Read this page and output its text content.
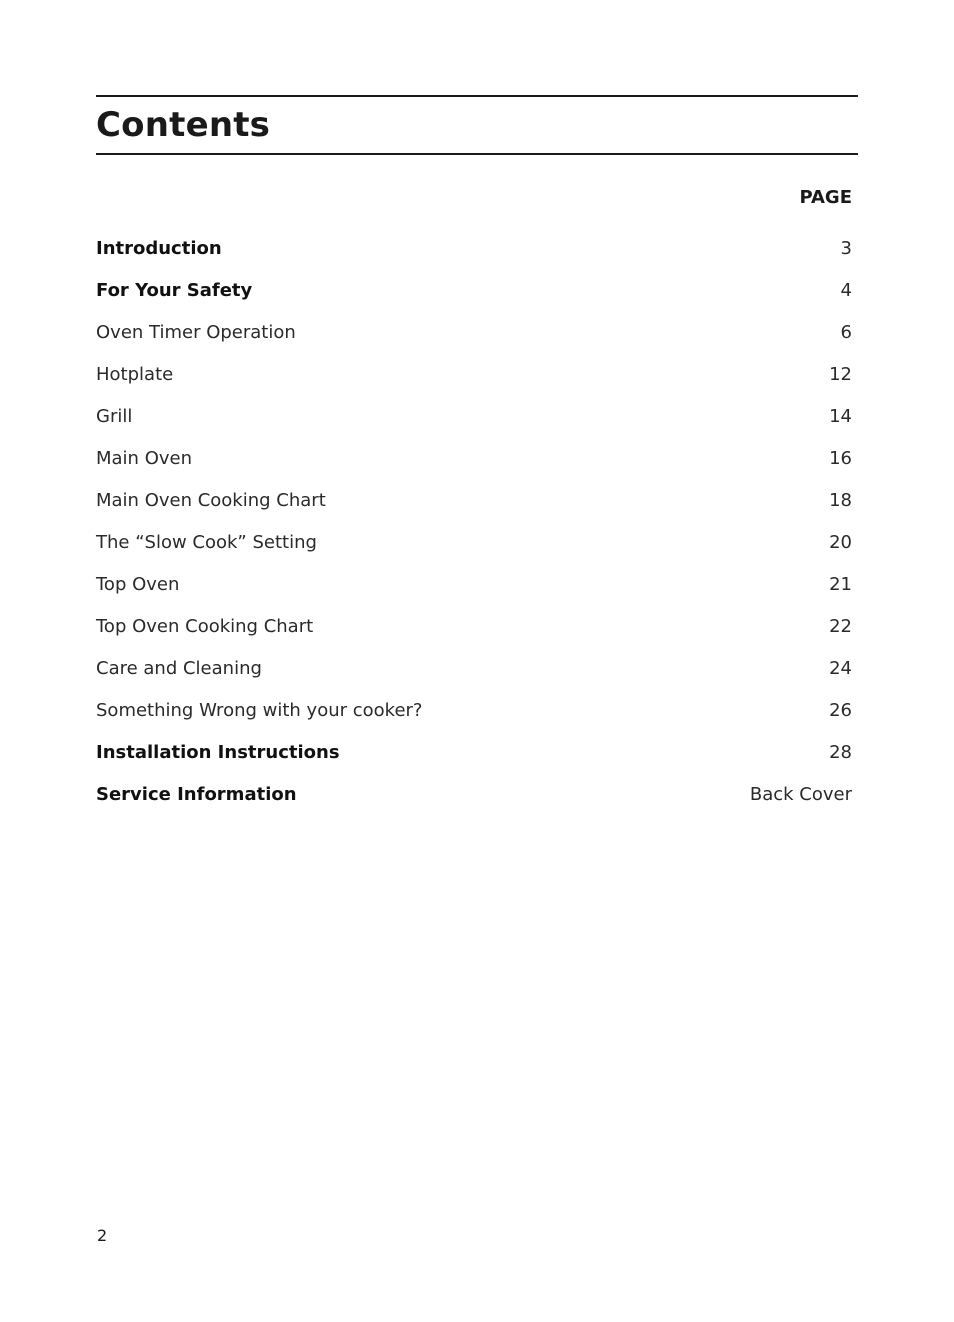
Contents
PAGE
Introduction	3
For Your Safety	4
Oven Timer Operation	6
Hotplate	12
Grill	14
Main Oven	16
Main Oven Cooking Chart	18
The “Slow Cook” Setting	20
Top Oven	21
Top Oven Cooking Chart	22
Care and Cleaning	24
Something Wrong with your cooker?	26
Installation Instructions	28
Service Information	Back Cover
2
